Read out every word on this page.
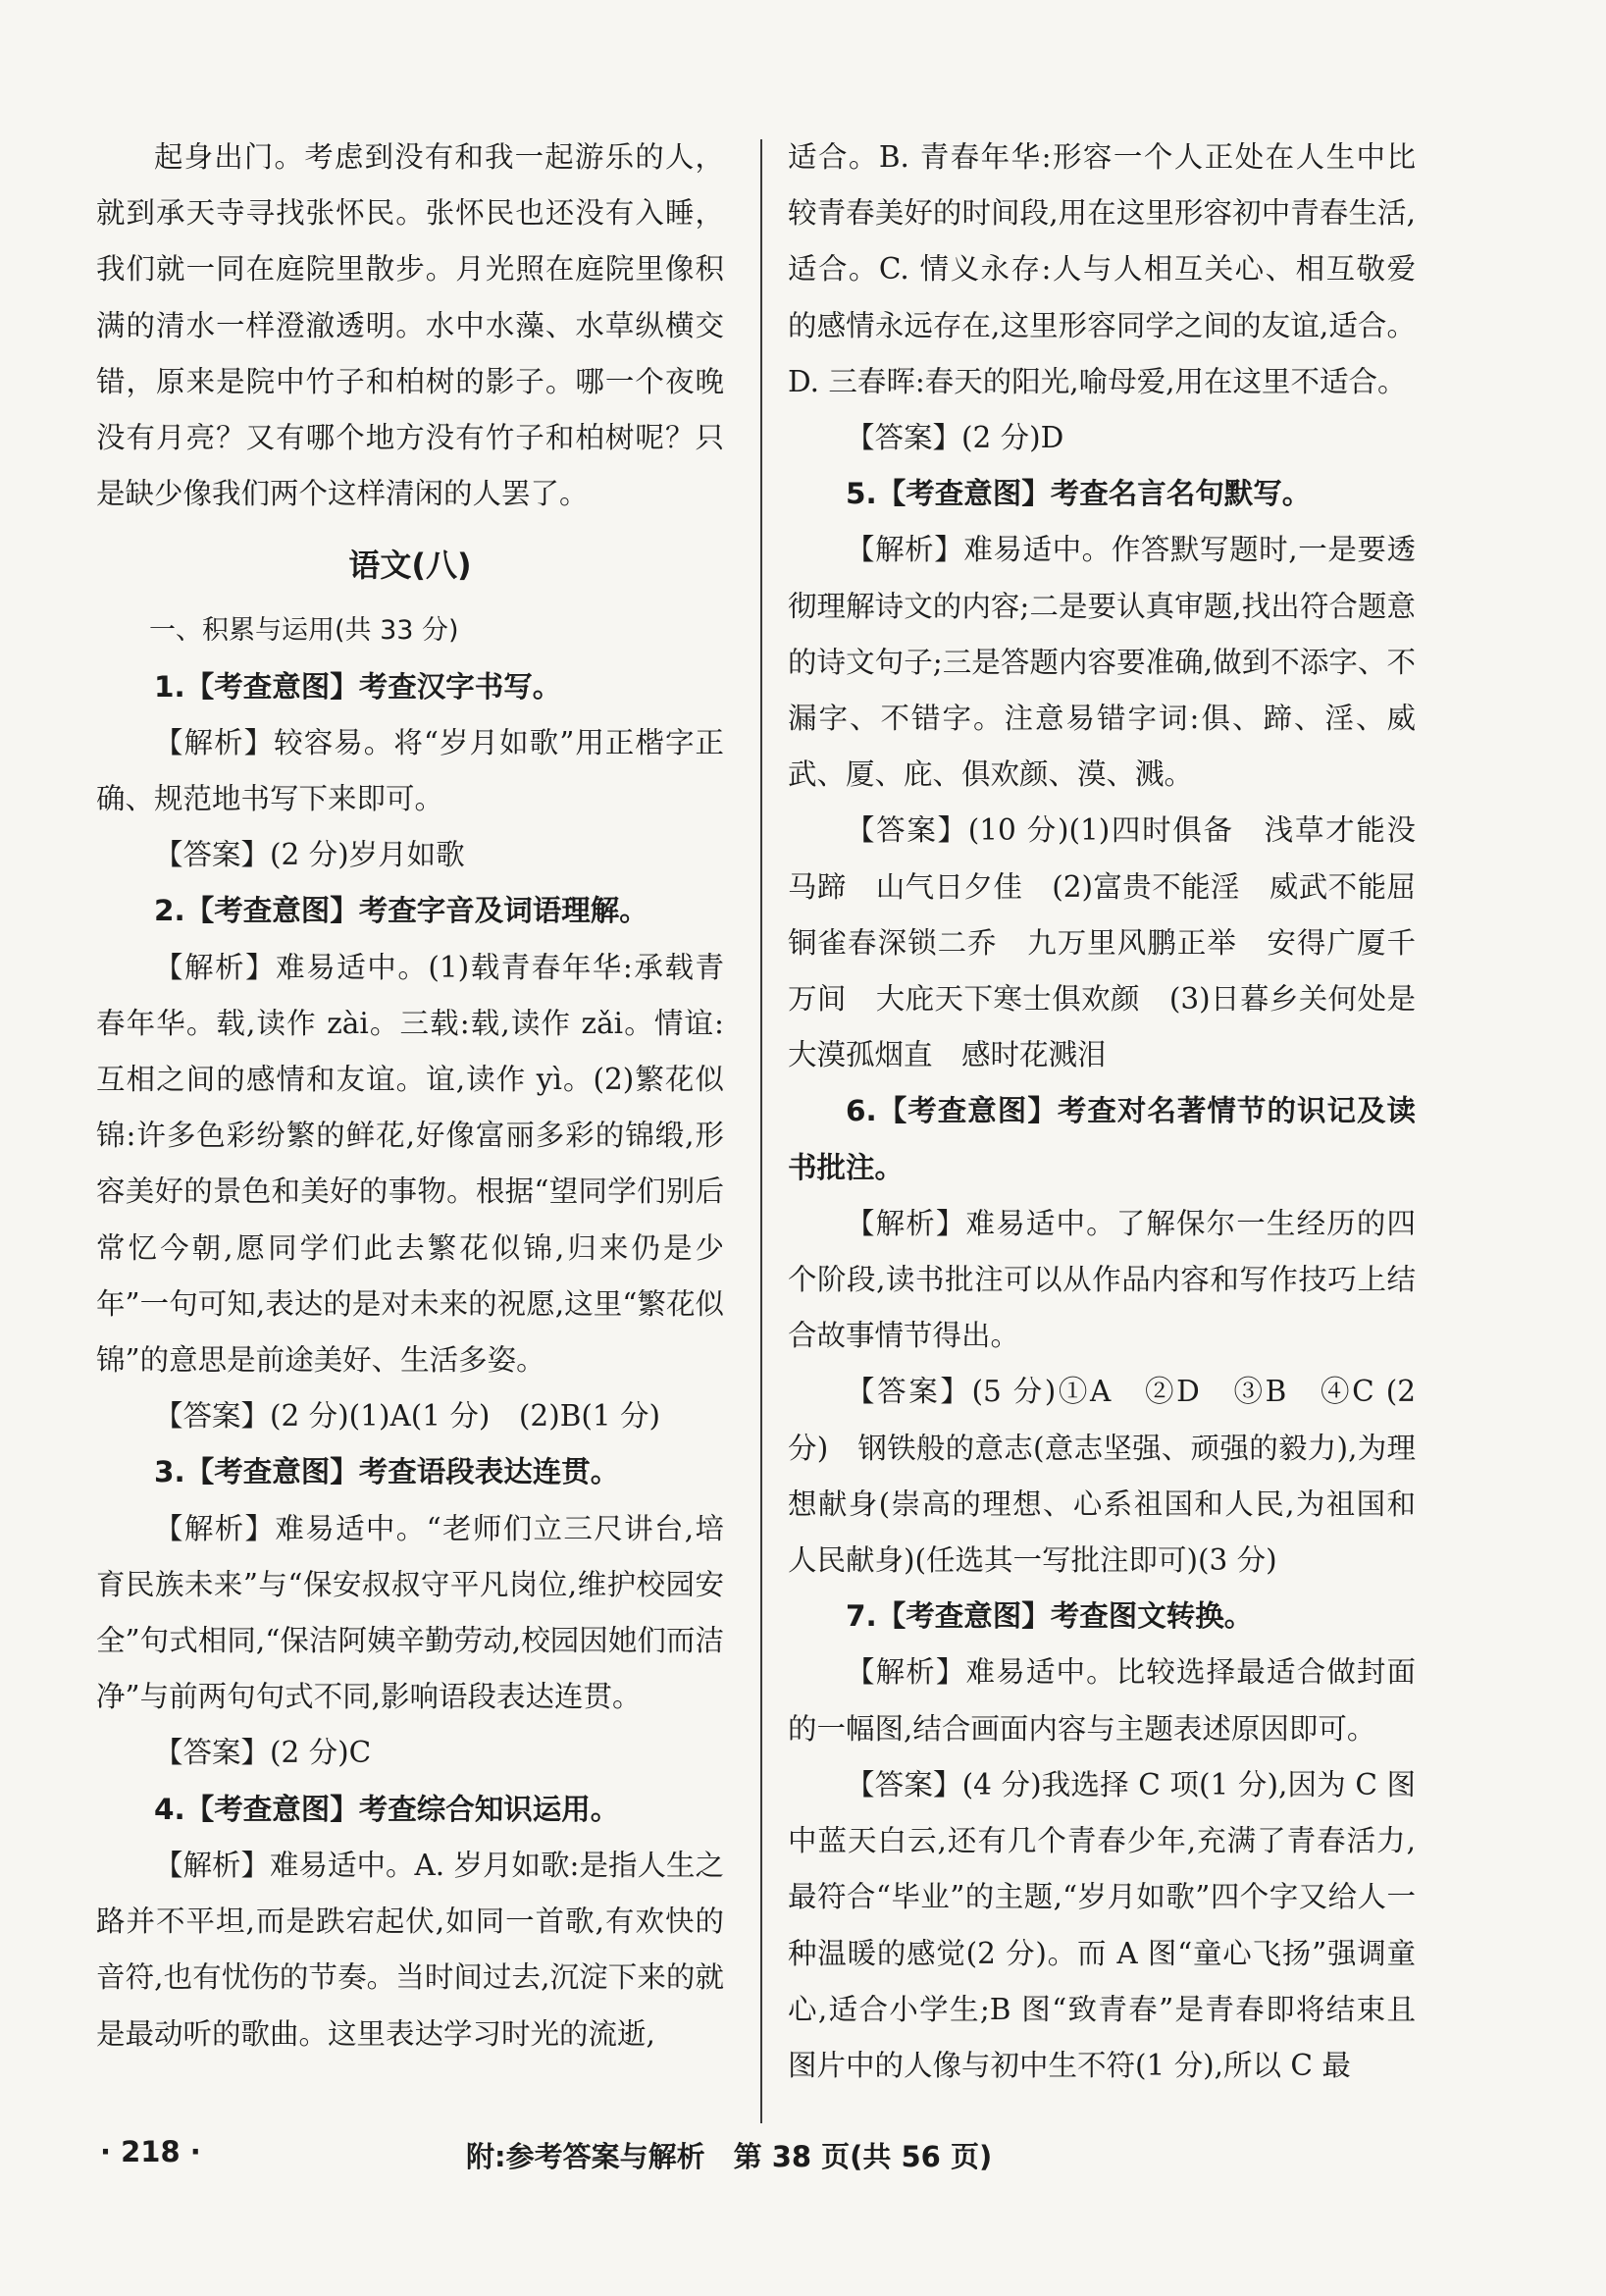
起身出门。考虑到没有和我一起游乐的人，就到承天寺寻找张怀民。张怀民也还没有入睡，我们就一同在庭院里散步。月光照在庭院里像积满的清水一样澄澈透明。水中水藻、水草纵横交错，原来是院中竹子和柏树的影子。哪一个夜晚没有月亮？又有哪个地方没有竹子和柏树呢？只是缺少像我们两个这样清闲的人罢了。

语文(八)

一、积累与运用(共 33 分)

1.【考查意图】考查汉字书写。

【解析】较容易。将“岁月如歌”用正楷字正确、规范地书写下来即可。

【答案】(2 分)岁月如歌

2.【考查意图】考查字音及词语理解。

【解析】难易适中。(1)载青春年华:承载青春年华。载,读作 zài。三载:载,读作 zǎi。情谊:互相之间的感情和友谊。谊,读作 yì。(2)繁花似锦:许多色彩纷繁的鲜花,好像富丽多彩的锦缎,形容美好的景色和美好的事物。根据“望同学们别后常忆今朝,愿同学们此去繁花似锦,归来仍是少年”一句可知,表达的是对未来的祝愿,这里“繁花似锦”的意思是前途美好、生活多姿。

【答案】(2 分)(1)A(1 分)　(2)B(1 分)

3.【考查意图】考查语段表达连贯。

【解析】难易适中。“老师们立三尺讲台,培育民族未来”与“保安叔叔守平凡岗位,维护校园安全”句式相同,“保洁阿姨辛勤劳动,校园因她们而洁净”与前两句句式不同,影响语段表达连贯。

【答案】(2 分)C

4.【考查意图】考查综合知识运用。

【解析】难易适中。A. 岁月如歌:是指人生之路并不平坦,而是跌宕起伏,如同一首歌,有欢快的音符,也有忧伤的节奏。当时间过去,沉淀下来的就是最动听的歌曲。这里表达学习时光的流逝,

适合。B. 青春年华:形容一个人正处在人生中比较青春美好的时间段,用在这里形容初中青春生活,适合。C. 情义永存:人与人相互关心、相互敬爱的感情永远存在,这里形容同学之间的友谊,适合。D. 三春晖:春天的阳光,喻母爱,用在这里不适合。

【答案】(2 分)D

5.【考查意图】考查名言名句默写。

【解析】难易适中。作答默写题时,一是要透彻理解诗文的内容;二是要认真审题,找出符合题意的诗文句子;三是答题内容要准确,做到不添字、不漏字、不错字。注意易错字词:俱、蹄、淫、威武、厦、庇、俱欢颜、漠、溅。

【答案】(10 分)(1)四时俱备　浅草才能没马蹄　山气日夕佳　(2)富贵不能淫　威武不能屈　铜雀春深锁二乔　九万里风鹏正举　安得广厦千万间　大庇天下寒士俱欢颜　(3)日暮乡关何处是　大漠孤烟直　感时花溅泪

6.【考查意图】考查对名著情节的识记及读书批注。

【解析】难易适中。了解保尔一生经历的四个阶段,读书批注可以从作品内容和写作技巧上结合故事情节得出。

【答案】(5 分)①A　②D　③B　④C (2 分)　钢铁般的意志(意志坚强、顽强的毅力),为理想献身(崇高的理想、心系祖国和人民,为祖国和人民献身)(任选其一写批注即可)(3 分)

7.【考查意图】考查图文转换。

【解析】难易适中。比较选择最适合做封面的一幅图,结合画面内容与主题表述原因即可。

【答案】(4 分)我选择 C 项(1 分),因为 C 图中蓝天白云,还有几个青春少年,充满了青春活力,最符合“毕业”的主题,“岁月如歌”四个字又给人一种温暖的感觉(2 分)。而 A 图“童心飞扬”强调童心,适合小学生;B 图“致青春”是青春即将结束且图片中的人像与初中生不符(1 分),所以 C 最

· 218 ·	附:参考答案与解析　第 38 页(共 56 页)
